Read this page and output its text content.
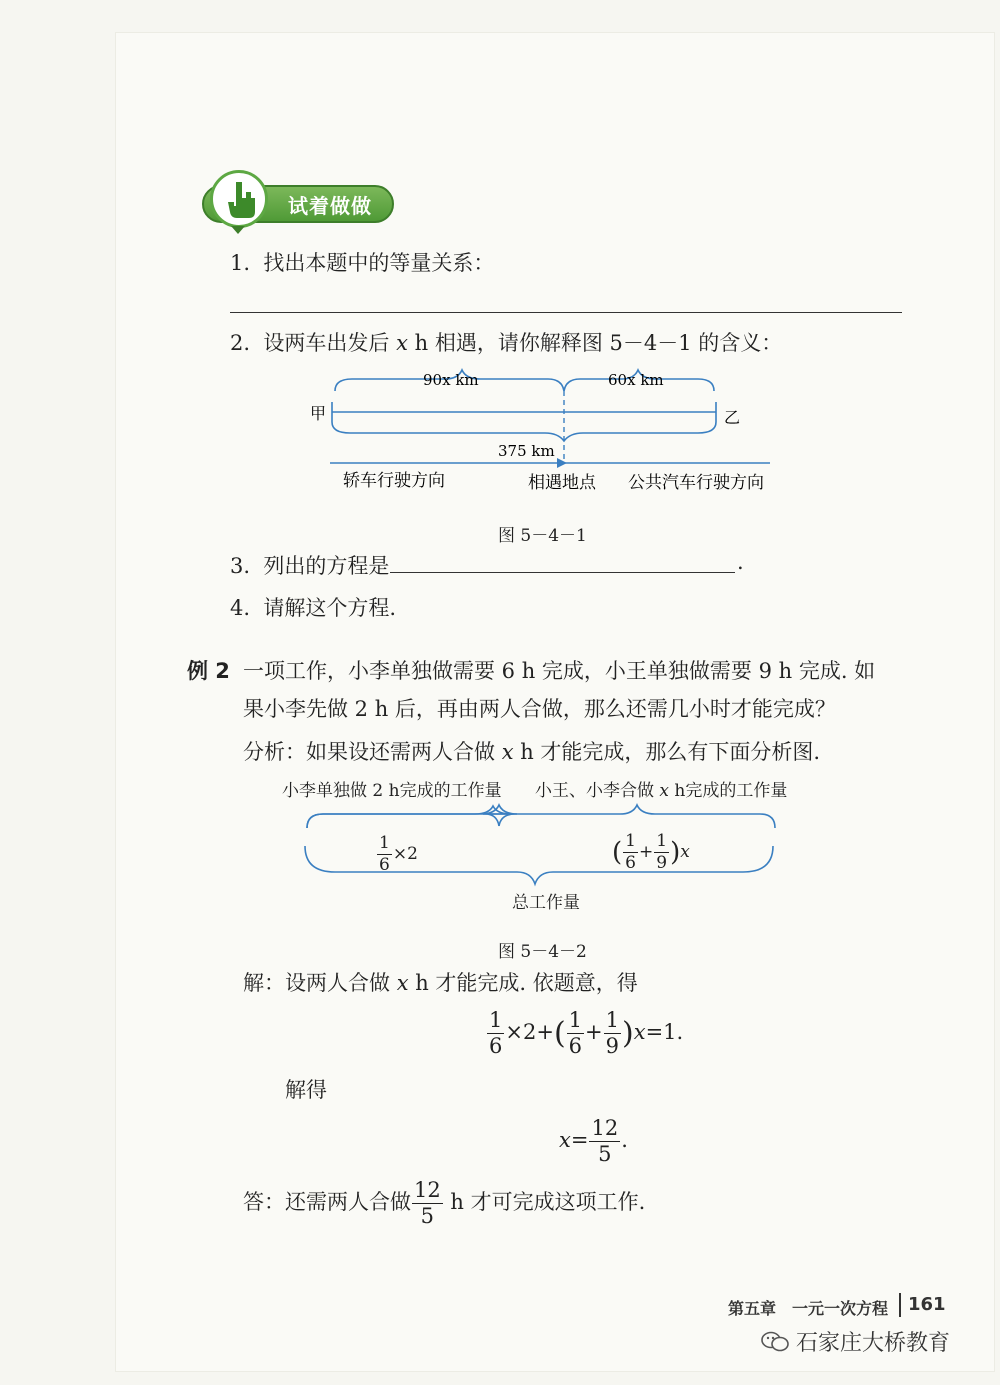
试着做做
1. 找出本题中的等量关系：
2. 设两车出发后 x h 相遇，请你解释图 5－4－1 的含义：
90x km	60x km
甲	乙
375 km
轿车行驶方向	相遇地点 公共汽车行驶方向
图 5－4－1
3. 列出的方程是	.
4. 请解这个方程.
例 2 一项工作，小李单独做需要 6 h 完成，小王单独做需要 9 h 完成. 如
果小李先做 2 h 后，再由两人合做，那么还需几小时才能完成？
分析：如果设还需两人合做 x h 才能完成，那么有下面分析图.
小李单独做 2 h完成的工作量 小王、小李合做 x h完成的工作量
$\frac{1}{6} \times 2$	( $\frac{1}{6} + \frac{1}{9} )x$
总工作量
图 5－4－2
解：设两人合做 x h 才能完成. 依题意，得
$\frac{1}{6} \times 2+( \frac{1}{6} + \frac{1}{9} )x=1$.
解得
$x= \frac{12}{5}$ .
答：还需两人合做 $\frac{12}{5}$ h 才可完成这项工作.
第五章　一元一次方程 161
石家庄大桥教育
